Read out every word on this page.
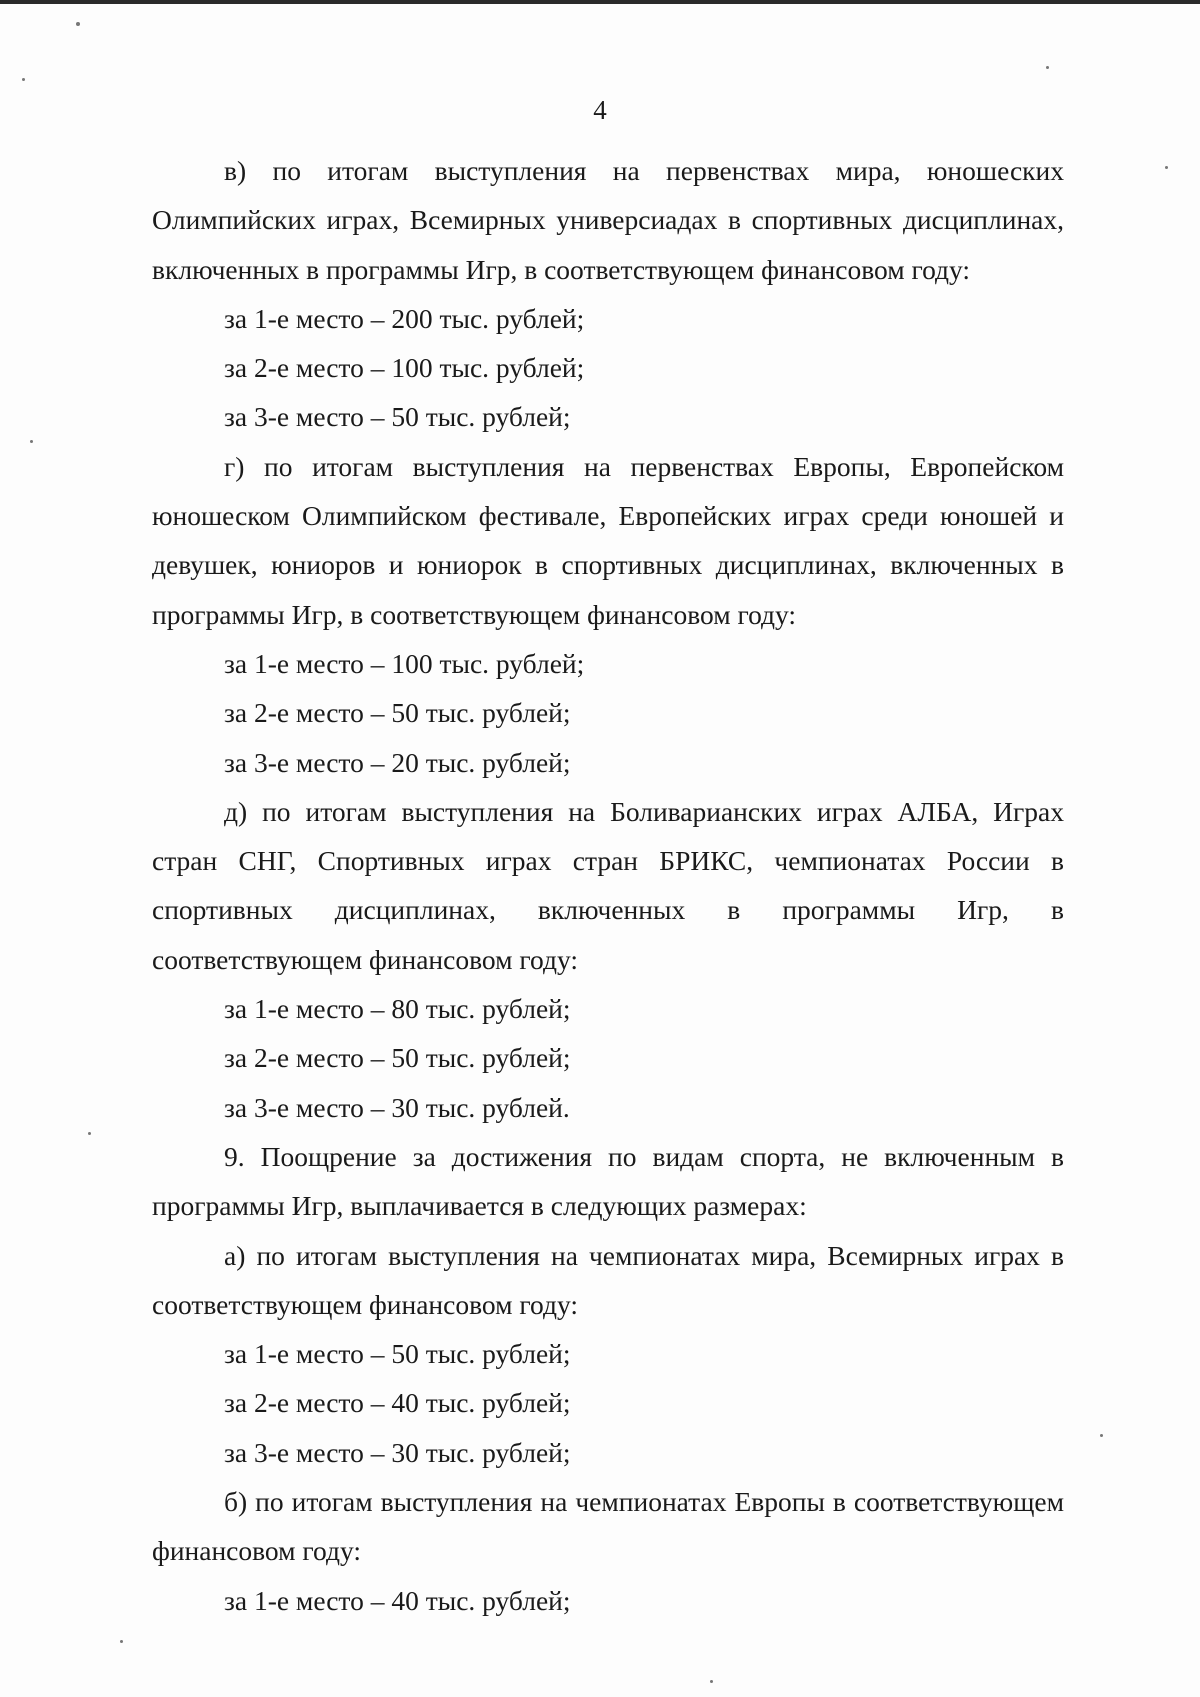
4

в) по итогам выступления на первенствах мира, юношеских Олимпийских играх, Всемирных универсиадах в спортивных дисциплинах, включенных в программы Игр, в соответствующем финансовом году:

за 1-е место – 200 тыс. рублей;
за 2-е место – 100 тыс. рублей;
за 3-е место – 50 тыс. рублей;

г) по итогам выступления на первенствах Европы, Европейском юношеском Олимпийском фестивале, Европейских играх среди юношей и девушек, юниоров и юниорок в спортивных дисциплинах, включенных в программы Игр, в соответствующем финансовом году:

за 1-е место – 100 тыс. рублей;
за 2-е место – 50 тыс. рублей;
за 3-е место – 20 тыс. рублей;

д) по итогам выступления на Боливарианских играх АЛБА, Играх стран СНГ, Спортивных играх стран БРИКС, чемпионатах России в спортивных дисциплинах, включенных в программы Игр, в соответствующем финансовом году:

за 1-е место – 80 тыс. рублей;
за 2-е место – 50 тыс. рублей;
за 3-е место – 30 тыс. рублей.

9. Поощрение за достижения по видам спорта, не включенным в программы Игр, выплачивается в следующих размерах:

а) по итогам выступления на чемпионатах мира, Всемирных играх в соответствующем финансовом году:

за 1-е место – 50 тыс. рублей;
за 2-е место – 40 тыс. рублей;
за 3-е место – 30 тыс. рублей;

б) по итогам выступления на чемпионатах Европы в соответствующем финансовом году:

за 1-е место – 40 тыс. рублей;
